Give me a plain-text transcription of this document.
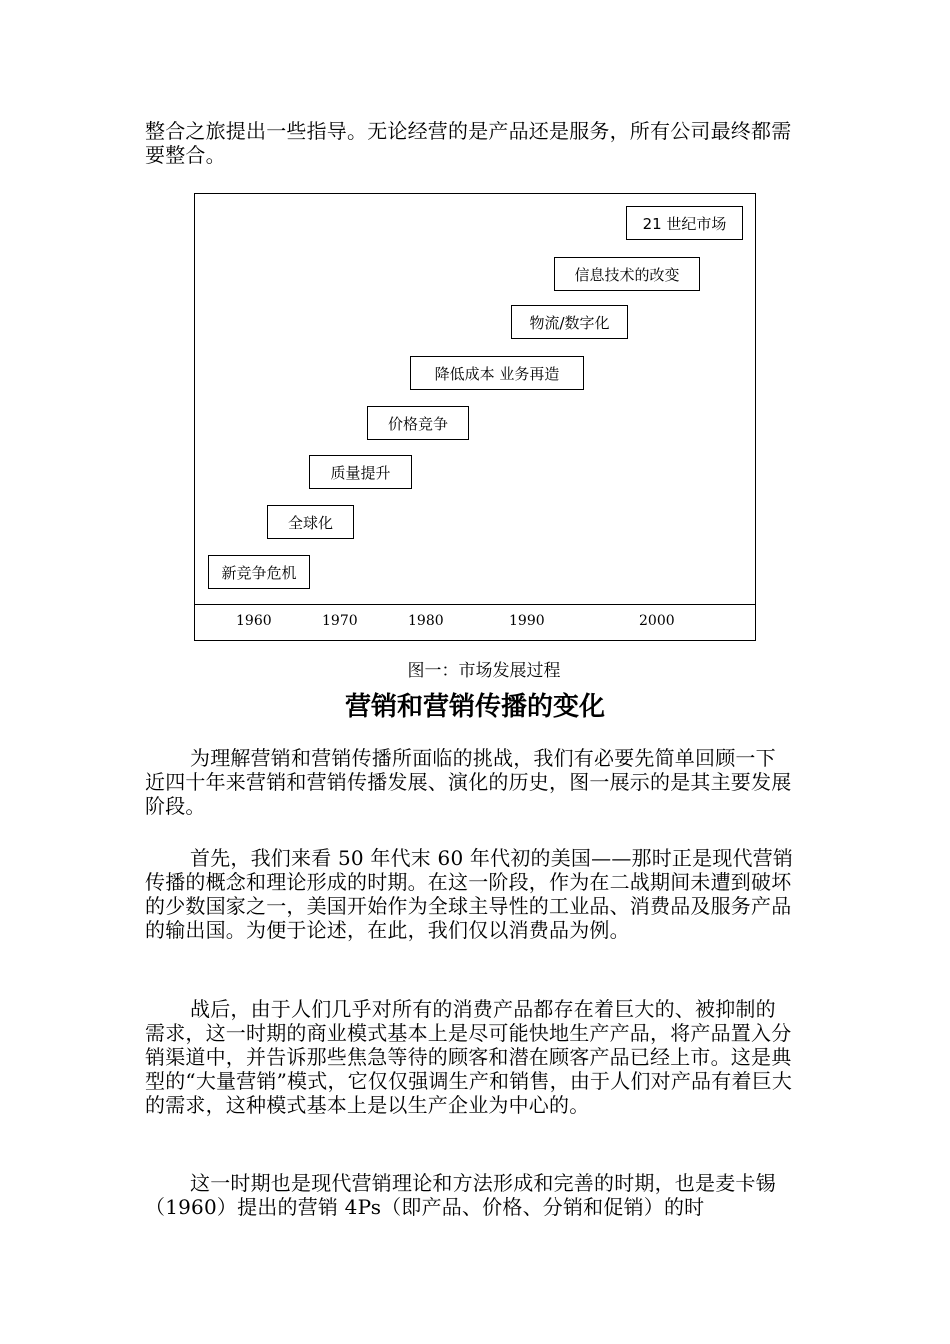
整合之旅提出一些指导。无论经营的是产品还是服务，所有公司最终都需要整合。

新竞争危机
全球化
质量提升
价格竞争
降低成本 业务再造
物流/数字化
信息技术的改变
21 世纪市场
1960	1970	1980	1990	2000
图一：市场发展过程
营销和营销传播的变化

为理解营销和营销传播所面临的挑战，我们有必要先简单回顾一下近四十年来营销和营销传播发展、演化的历史，图一展示的是其主要发展阶段。

首先，我们来看 50 年代末 60 年代初的美国——那时正是现代营销传播的概念和理论形成的时期。在这一阶段，作为在二战期间未遭到破坏的少数国家之一，美国开始作为全球主导性的工业品、消费品及服务产品的输出国。为便于论述，在此，我们仅以消费品为例。

战后，由于人们几乎对所有的消费产品都存在着巨大的、被抑制的需求，这一时期的商业模式基本上是尽可能快地生产产品，将产品置入分销渠道中，并告诉那些焦急等待的顾客和潜在顾客产品已经上市。这是典型的“大量营销”模式，它仅仅强调生产和销售，由于人们对产品有着巨大的需求，这种模式基本上是以生产企业为中心的。

这一时期也是现代营销理论和方法形成和完善的时期，也是麦卡锡（1960）提出的营销 4Ps（即产品、价格、分销和促销）的时
